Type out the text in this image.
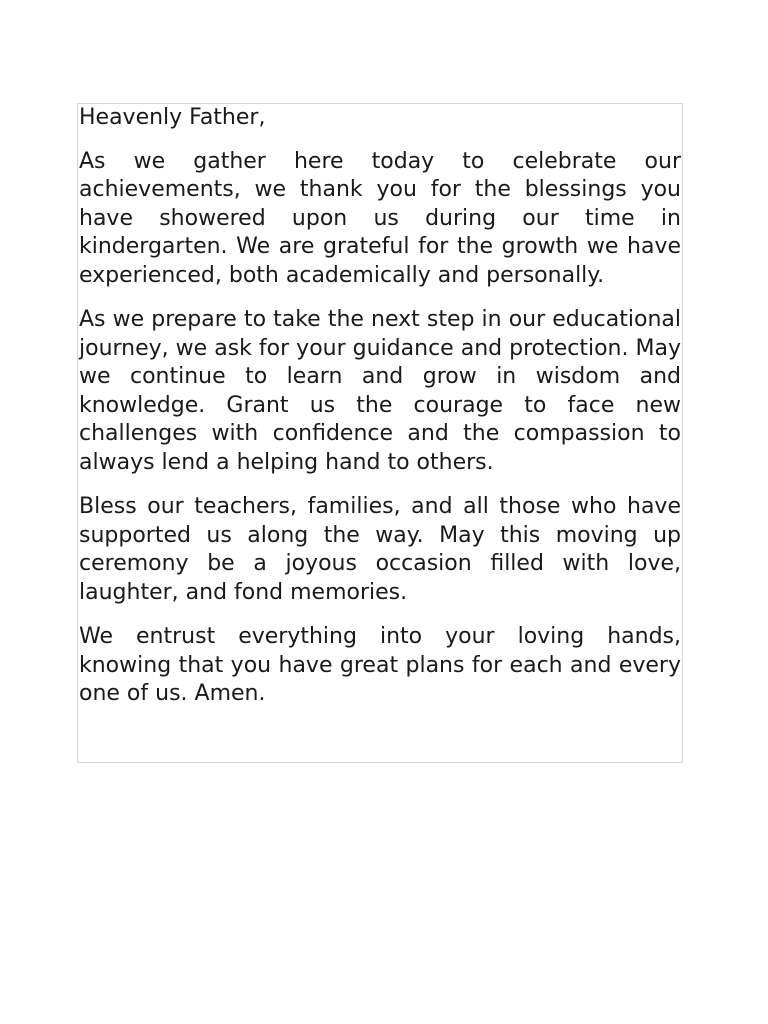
Heavenly Father,

As we gather here today to celebrate our achievements, we thank you for the blessings you have showered upon us during our time in kindergarten. We are grateful for the growth we have experienced, both academically and personally.

As we prepare to take the next step in our educational journey, we ask for your guidance and protection. May we continue to learn and grow in wisdom and knowledge. Grant us the courage to face new challenges with confidence and the compassion to always lend a helping hand to others.

Bless our teachers, families, and all those who have supported us along the way. May this moving up ceremony be a joyous occasion filled with love, laughter, and fond memories.

We entrust everything into your loving hands, knowing that you have great plans for each and every one of us. Amen.
